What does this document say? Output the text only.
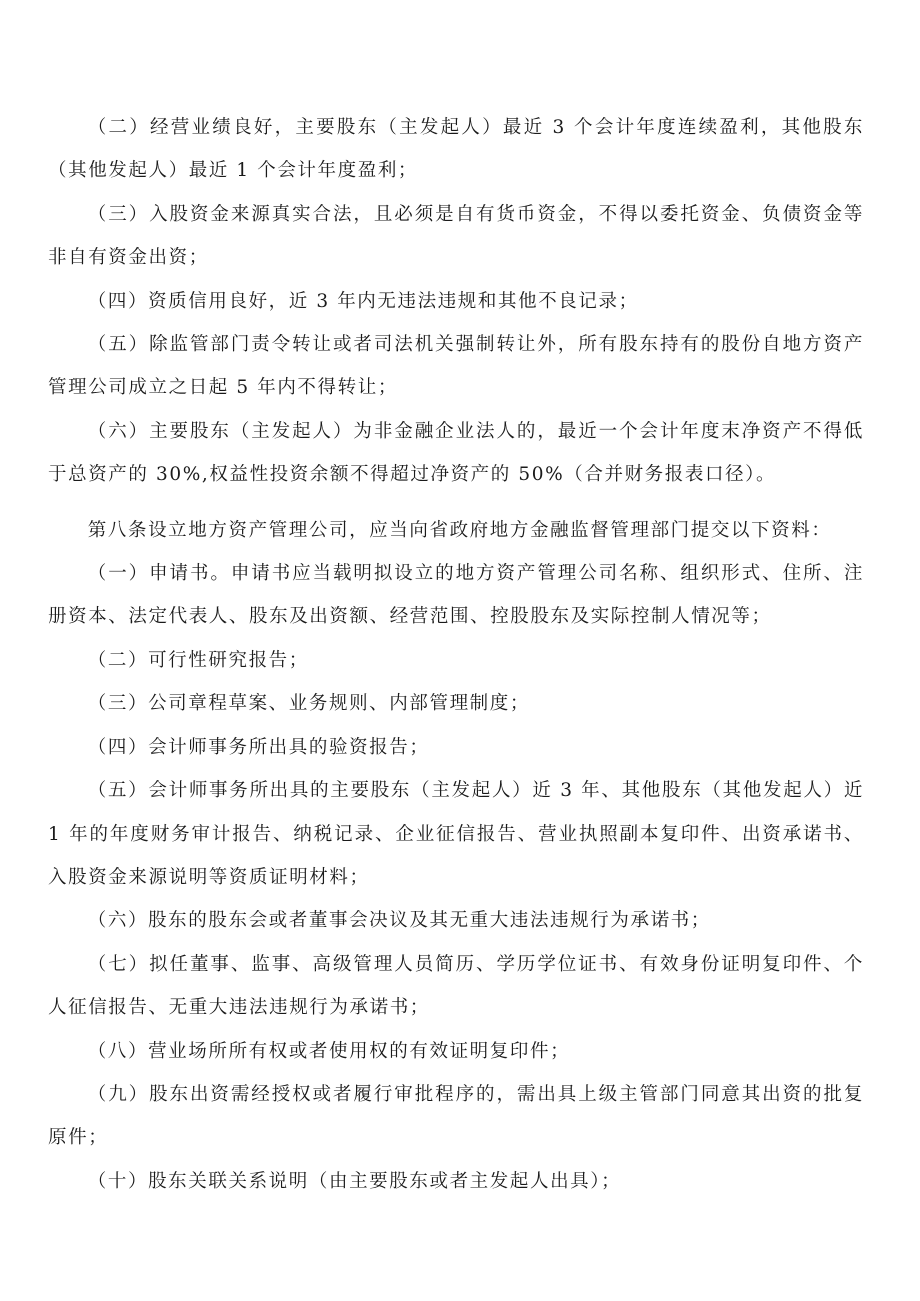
（二）经营业绩良好，主要股东（主发起人）最近 3 个会计年度连续盈利，其他股东（其他发起人）最近 1 个会计年度盈利；

（三）入股资金来源真实合法，且必须是自有货币资金，不得以委托资金、负债资金等非自有资金出资；

（四）资质信用良好，近 3 年内无违法违规和其他不良记录；

（五）除监管部门责令转让或者司法机关强制转让外，所有股东持有的股份自地方资产管理公司成立之日起 5 年内不得转让；

（六）主要股东（主发起人）为非金融企业法人的，最近一个会计年度末净资产不得低于总资产的 30%,权益性投资余额不得超过净资产的 50%（合并财务报表口径）。

第八条设立地方资产管理公司，应当向省政府地方金融监督管理部门提交以下资料：

（一）申请书。申请书应当载明拟设立的地方资产管理公司名称、组织形式、住所、注册资本、法定代表人、股东及出资额、经营范围、控股股东及实际控制人情况等；

（二）可行性研究报告；

（三）公司章程草案、业务规则、内部管理制度；

（四）会计师事务所出具的验资报告；

（五）会计师事务所出具的主要股东（主发起人）近 3 年、其他股东（其他发起人）近 1 年的年度财务审计报告、纳税记录、企业征信报告、营业执照副本复印件、出资承诺书、入股资金来源说明等资质证明材料；

（六）股东的股东会或者董事会决议及其无重大违法违规行为承诺书；

（七）拟任董事、监事、高级管理人员简历、学历学位证书、有效身份证明复印件、个人征信报告、无重大违法违规行为承诺书；

（八）营业场所所有权或者使用权的有效证明复印件；

（九）股东出资需经授权或者履行审批程序的，需出具上级主管部门同意其出资的批复原件；

（十）股东关联关系说明（由主要股东或者主发起人出具）；
